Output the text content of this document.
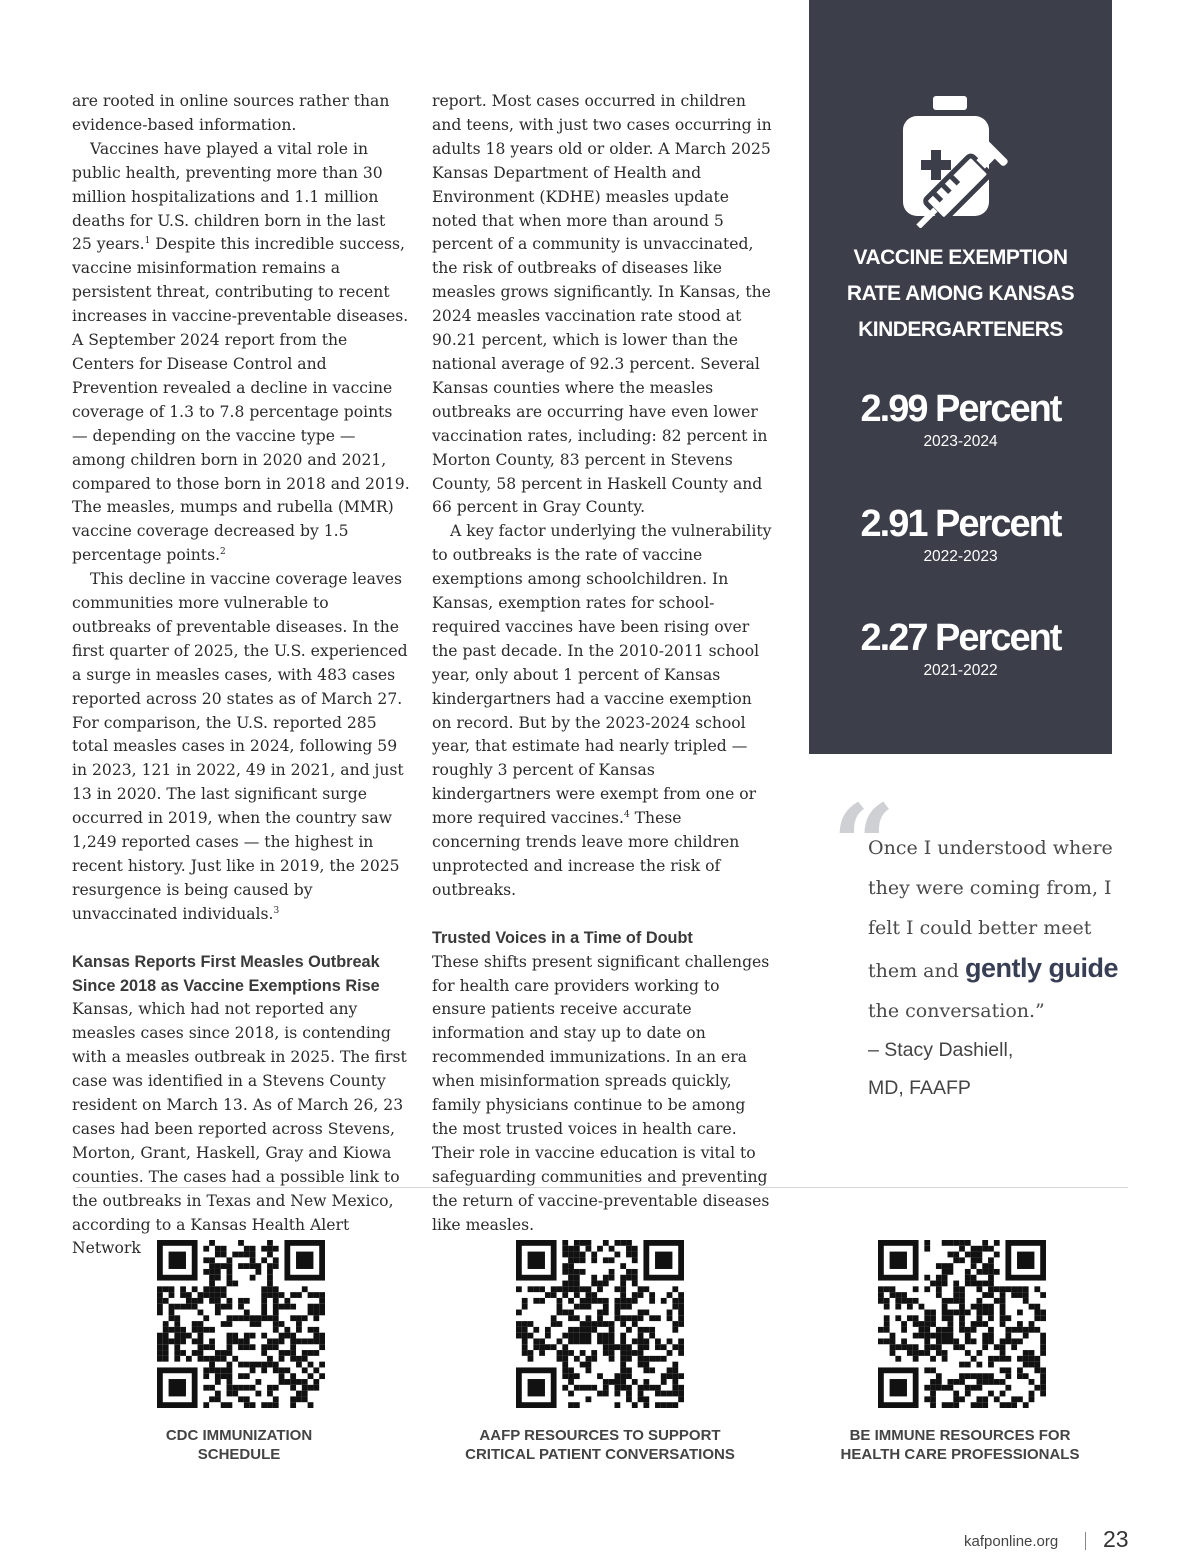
are rooted in online sources rather than evidence-based information.

Vaccines have played a vital role in public health, preventing more than 30 million hospitalizations and 1.1 million deaths for U.S. children born in the last 25 years.$^1$ Despite this incredible success, vaccine misinformation remains a persistent threat, contributing to recent increases in vaccine-preventable diseases. A September 2024 report from the Centers for Disease Control and Prevention revealed a decline in vaccine coverage of 1.3 to 7.8 percentage points — depending on the vaccine type — among children born in 2020 and 2021, compared to those born in 2018 and 2019. The measles, mumps and rubella (MMR) vaccine coverage decreased by 1.5 percentage points.$^2$

This decline in vaccine coverage leaves communities more vulnerable to outbreaks of preventable diseases. In the first quarter of 2025, the U.S. experienced a surge in measles cases, with 483 cases reported across 20 states as of March 27. For comparison, the U.S. reported 285 total measles cases in 2024, following 59 in 2023, 121 in 2022, 49 in 2021, and just 13 in 2020. The last significant surge occurred in 2019, when the country saw 1,249 reported cases — the highest in recent history. Just like in 2019, the 2025 resurgence is being caused by unvaccinated individuals.$^3$

Kansas Reports First Measles Outbreak Since 2018 as Vaccine Exemptions Rise

Kansas, which had not reported any measles cases since 2018, is contending with a measles outbreak in 2025. The first case was identified in a Stevens County resident on March 13. As of March 26, 23 cases had been reported across Stevens, Morton, Grant, Haskell, Gray and Kiowa counties. The cases had a possible link to the outbreaks in Texas and New Mexico, according to a Kansas Health Alert Network

report. Most cases occurred in children and teens, with just two cases occurring in adults 18 years old or older. A March 2025 Kansas Department of Health and Environment (KDHE) measles update noted that when more than around 5 percent of a community is unvaccinated, the risk of outbreaks of diseases like measles grows significantly. In Kansas, the 2024 measles vaccination rate stood at 90.21 percent, which is lower than the national average of 92.3 percent. Several Kansas counties where the measles outbreaks are occurring have even lower vaccination rates, including: 82 percent in Morton County, 83 percent in Stevens County, 58 percent in Haskell County and 66 percent in Gray County.

A key factor underlying the vulnerability to outbreaks is the rate of vaccine exemptions among schoolchildren. In Kansas, exemption rates for school-required vaccines have been rising over the past decade. In the 2010-2011 school year, only about 1 percent of Kansas kindergartners had a vaccine exemption on record. But by the 2023-2024 school year, that estimate had nearly tripled — roughly 3 percent of Kansas kindergartners were exempt from one or more required vaccines.$^4$ These concerning trends leave more children unprotected and increase the risk of outbreaks.

Trusted Voices in a Time of Doubt

These shifts present significant challenges for health care providers working to ensure patients receive accurate information and stay up to date on recommended immunizations. In an era when misinformation spreads quickly, family physicians continue to be among the most trusted voices in health care. Their role in vaccine education is vital to safeguarding communities and preventing the return of vaccine-preventable diseases like measles.

VACCINE EXEMPTION
RATE AMONG KANSAS
KINDERGARTENERS
2.99 Percent
2023-2024
2.91 Percent
2022-2023
2.27 Percent
2021-2022
“
Once I understood where they were coming from, I felt I could better meet them and gently guide the conversation.”
– Stacy Dashiell,
MD, FAAFP
CDC IMMUNIZATION
SCHEDULE
AAFP RESOURCES TO SUPPORT
CRITICAL PATIENT CONVERSATIONS
BE IMMUNE RESOURCES FOR
HEALTH CARE PROFESSIONALS
kafponline.org 23
